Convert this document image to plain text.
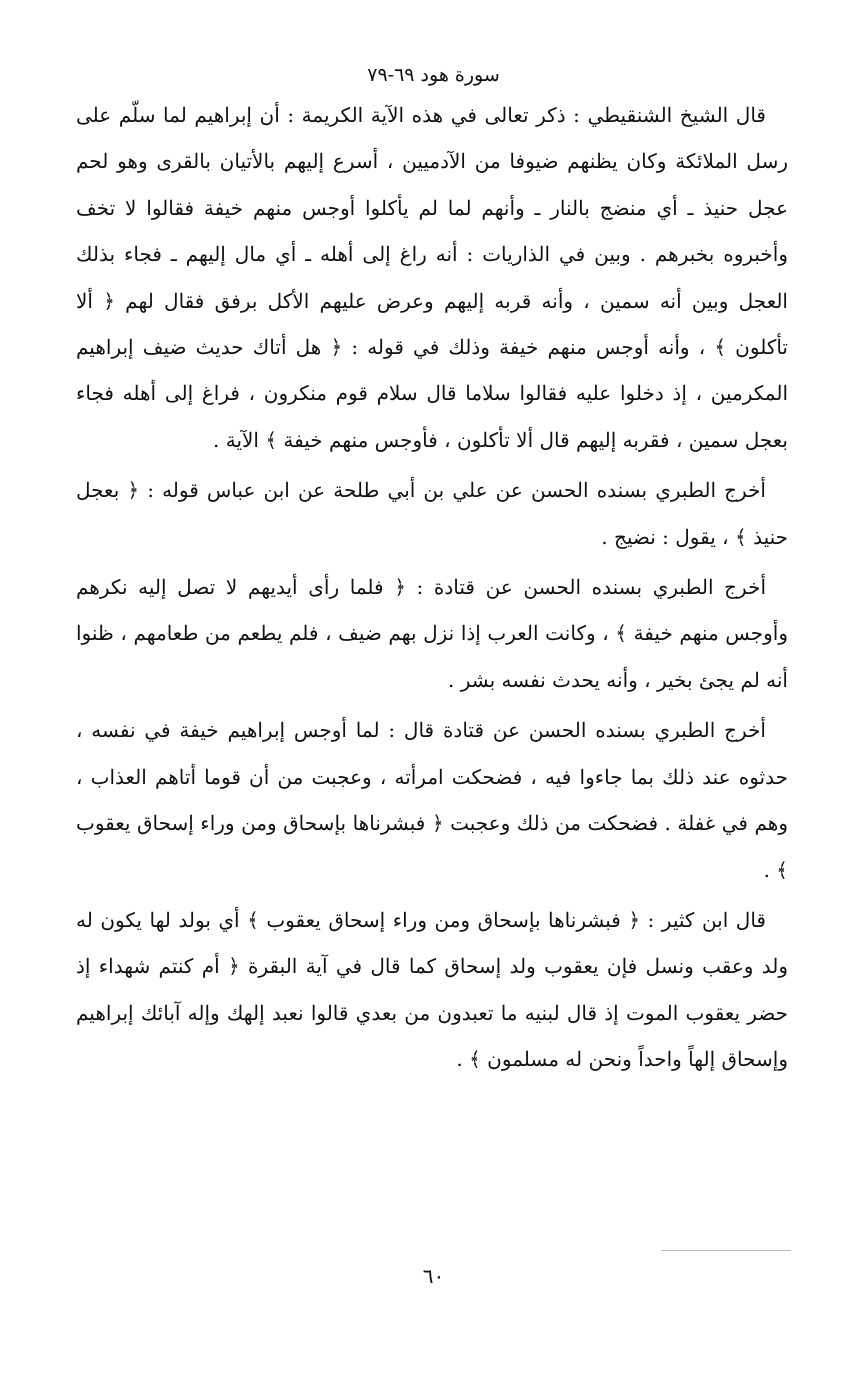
سورة هود ٦٩-٧٩

قال الشيخ الشنقيطي : ذكر تعالى في هذه الآية الكريمة : أن إبراهيم لما سلّم على رسل الملائكة وكان يظنهم ضيوفا من الآدميين ، أسرع إليهم بالأتيان بالقرى وهو لحم عجل حنيذ ـ أي منضج بالنار ـ وأنهم لما لم يأكلوا أوجس منهم خيفة فقالوا لا تخف وأخبروه بخبرهم . وبين في الذاريات : أنه راغ إلى أهله ـ أي مال إليهم ـ فجاء بذلك العجل وبين أنه سمين ، وأنه قربه إليهم وعرض عليهم الأكل برفق فقال لهم ﴿ ألا تأكلون ﴾ ، وأنه أوجس منهم خيفة وذلك في قوله : ﴿ هل أتاك حديث ضيف إبراهيم المكرمين ، إذ دخلوا عليه فقالوا سلاما قال سلام قوم منكرون ، فراغ إلى أهله فجاء بعجل سمين ، فقربه إليهم قال ألا تأكلون ، فأوجس منهم خيفة ﴾ الآية .

أخرج الطبري بسنده الحسن عن علي بن أبي طلحة عن ابن عباس قوله : ﴿ بعجل حنيذ ﴾ ، يقول : نضيج .

أخرج الطبري بسنده الحسن عن قتادة : ﴿ فلما رأى أيديهم لا تصل إليه نكرهم وأوجس منهم خيفة ﴾ ، وكانت العرب إذا نزل بهم ضيف ، فلم يطعم من طعامهم ، ظنوا أنه لم يجئ بخير ، وأنه يحدث نفسه بشر .

أخرج الطبري بسنده الحسن عن قتادة قال : لما أوجس إبراهيم خيفة في نفسه ، حدثوه عند ذلك بما جاءوا فيه ، فضحكت امرأته ، وعجبت من أن قوما أتاهم العذاب ، وهم في غفلة . فضحكت من ذلك وعجبت ﴿ فبشرناها بإسحاق ومن وراء إسحاق يعقوب ﴾ .

قال ابن كثير : ﴿ فبشرناها بإسحاق ومن وراء إسحاق يعقوب ﴾ أي بولد لها يكون له ولد وعقب ونسل فإن يعقوب ولد إسحاق كما قال في آية البقرة ﴿ أم كنتم شهداء إذ حضر يعقوب الموت إذ قال لبنيه ما تعبدون من بعدي قالوا نعبد إلهك وإله آبائك إبراهيم وإسحاق إلهاً واحداً ونحن له مسلمون ﴾ .

٦٠
